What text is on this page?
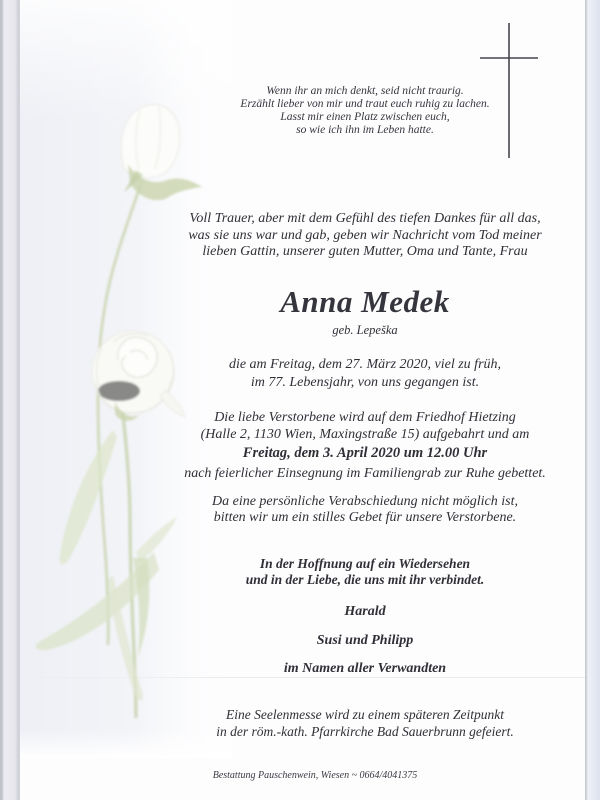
Wenn ihr an mich denkt, seid nicht traurig.
Erzählt lieber von mir und traut euch ruhig zu lachen.
Lasst mir einen Platz zwischen euch,
so wie ich ihn im Leben hatte.
Voll Trauer, aber mit dem Gefühl des tiefen Dankes für all das,
was sie uns war und gab, geben wir Nachricht vom Tod meiner
lieben Gattin, unserer guten Mutter, Oma und Tante, Frau
Anna Medek
geb. Lepeška
die am Freitag, dem 27. März 2020, viel zu früh,
im 77. Lebensjahr, von uns gegangen ist.
Die liebe Verstorbene wird auf dem Friedhof Hietzing
(Halle 2, 1130 Wien, Maxingstraße 15) aufgebahrt und am
Freitag, dem 3. April 2020 um 12.00 Uhr
nach feierlicher Einsegnung im Familiengrab zur Ruhe gebettet.
Da eine persönliche Verabschiedung nicht möglich ist,
bitten wir um ein stilles Gebet für unsere Verstorbene.
In der Hoffnung auf ein Wiedersehen
und in der Liebe, die uns mit ihr verbindet.
Harald
Susi und Philipp
im Namen aller Verwandten
Eine Seelenmesse wird zu einem späteren Zeitpunkt
in der röm.-kath. Pfarrkirche Bad Sauerbrunn gefeiert.
Bestattung Pauschenwein, Wiesen ~ 0664/4041375
